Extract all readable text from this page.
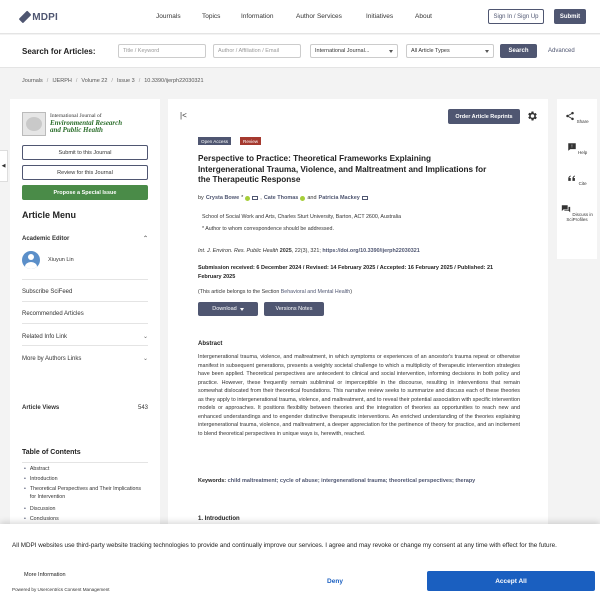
MDPI	Journals	Topics	Information	Author Services	Initiatives	About	Sign In / Sign Up	Submit
Search for Articles:	Title / Keyword	Author / Affiliation / Email	International Journal...	All Article Types	Search	Advanced
Journals / IJERPH / Volume 22 / Issue 3 / 10.3390/ijerph22030321
◀
International Journal of
Environmental Research
and Public Health
Submit to this Journal
Review for this Journal
Propose a Special Issue
Article Menu
Academic Editor	⌃
Xiuyun Lin
Subscribe SciFeed
Recommended Articles
Related Info Link	⌄
More by Authors Links	⌄
Article Views	543
Table of Contents
• Abstract
• Introduction
• Theoretical Perspectives and Their Implications for Intervention
• Discussion
• Conclusions
|<	Order Article Reprints
Open Access	Review
Perspective to Practice: Theoretical Frameworks Explaining Intergenerational Trauma, Violence, and Maltreatment and Implications for the Therapeutic Response
by Crysta Bowe *	, Cate Thomas and Patricia Mackey
School of Social Work and Arts, Charles Sturt University, Barton, ACT 2600, Australia
* Author to whom correspondence should be addressed.
Int. J. Environ. Res. Public Health 2025, 22(3), 321; https://doi.org/10.3390/ijerph22030321
Submission received: 6 December 2024 / Revised: 14 February 2025 / Accepted: 16 February 2025 / Published: 21 February 2025
(This article belongs to the Section Behavioral and Mental Health)
Download	Versions Notes
Abstract
Intergenerational trauma, violence, and maltreatment, in which symptoms or experiences of an ancestor's trauma repeat or otherwise manifest in subsequent generations, presents a weighty societal challenge to which a multiplicity of therapeutic intervention strategies have been applied. Theoretical perspectives are antecedent to clinical and social intervention, informing decisions in both policy and practice. However, these frequently remain subliminal or imperceptible in the discourse, resulting in interventions that remain somewhat dislocated from their theoretical foundations. This narrative review seeks to summarize and discuss each of these theories as they apply to intergenerational trauma, violence, and maltreatment, and to reveal their potential association with specific intervention models or approaches. It positions flexibility between theories and the integration of theories as opportunities to reach new and enhanced understandings and to engender distinctive therapeutic interventions. An enriched understanding of the theories explaining intergenerational trauma, violence, and maltreatment, a deeper appreciation for the pertinence of theory for practice, and an incitement to blend theoretical perspectives in unique ways is, herewith, reached.
Keywords: child maltreatment; cycle of abuse; intergenerational trauma; theoretical perspectives; therapy
1. Introduction
Share
!
Help
Cite
Discuss in SciProfiles
All MDPI websites use third-party website tracking technologies to provide and continually improve our services. I agree and may revoke or change my consent at any time with effect for the future.
More Information
Powered by Usercentrics Consent Management
Deny	Accept All
